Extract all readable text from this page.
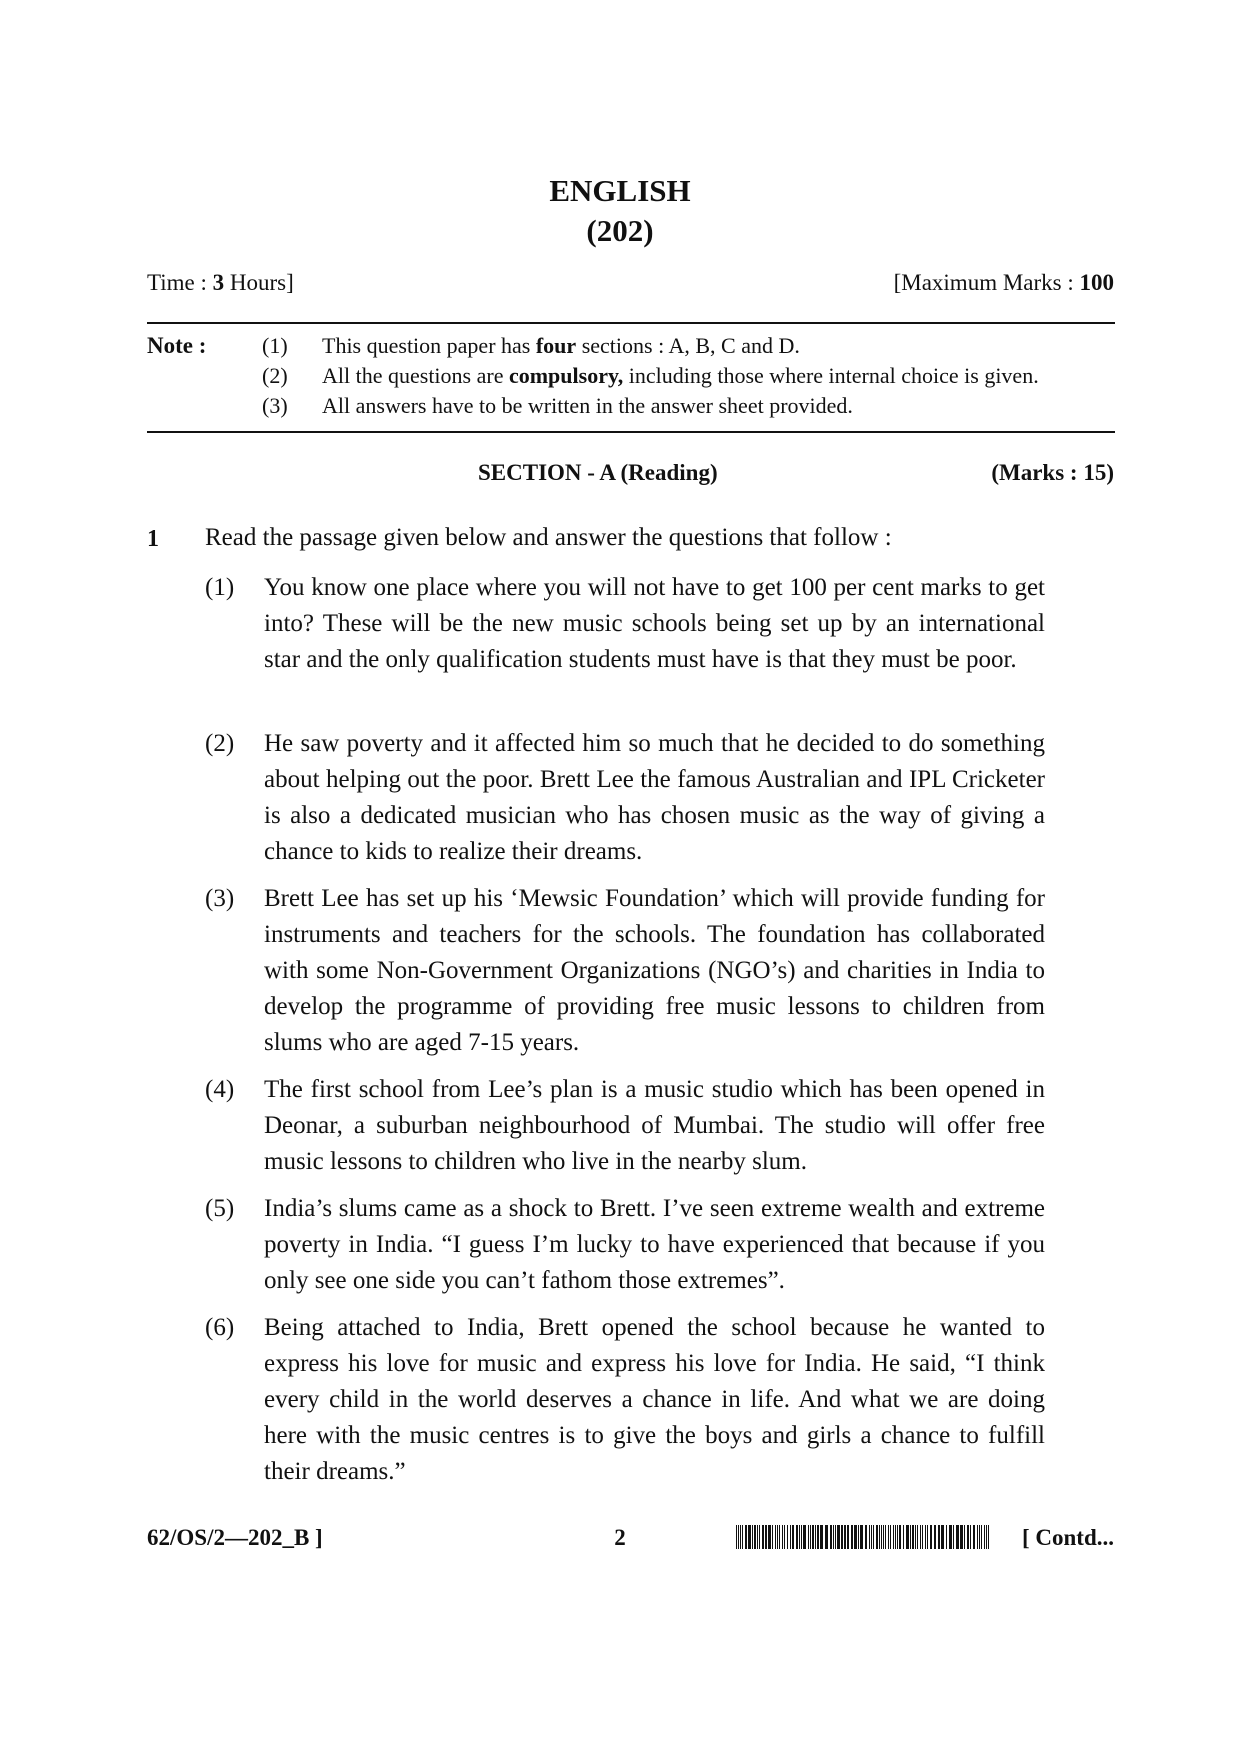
ENGLISH
(202)
Time : 3 Hours]	[Maximum Marks : 100
Note :	(1) This question paper has four sections : A, B, C and D.
(2) All the questions are compulsory, including those where internal choice is given.
(3) All answers have to be written in the answer sheet provided.
SECTION - A (Reading)	(Marks : 15)
1 Read the passage given below and answer the questions that follow :
(1) You know one place where you will not have to get 100 per cent marks to get into? These will be the new music schools being set up by an international star and the only qualification students must have is that they must be poor.
(2) He saw poverty and it affected him so much that he decided to do something about helping out the poor. Brett Lee the famous Australian and IPL Cricketer is also a dedicated musician who has chosen music as the way of giving a chance to kids to realize their dreams.
(3) Brett Lee has set up his ‘Mewsic Foundation’ which will provide funding for instruments and teachers for the schools. The foundation has collaborated with some Non-Government Organizations (NGO’s) and charities in India to develop the programme of providing free music lessons to children from slums who are aged 7-15 years.
(4) The first school from Lee’s plan is a music studio which has been opened in Deonar, a suburban neighbourhood of Mumbai. The studio will offer free music lessons to children who live in the nearby slum.
(5) India’s slums came as a shock to Brett. I’ve seen extreme wealth and extreme poverty in India. “I guess I’m lucky to have experienced that because if you only see one side you can’t fathom those extremes”.
(6) Being attached to India, Brett opened the school because he wanted to express his love for music and express his love for India. He said, “I think every child in the world deserves a chance in life. And what we are doing here with the music centres is to give the boys and girls a chance to fulfill their dreams.”
62/OS/2—202_B ]	2	[ Contd...
